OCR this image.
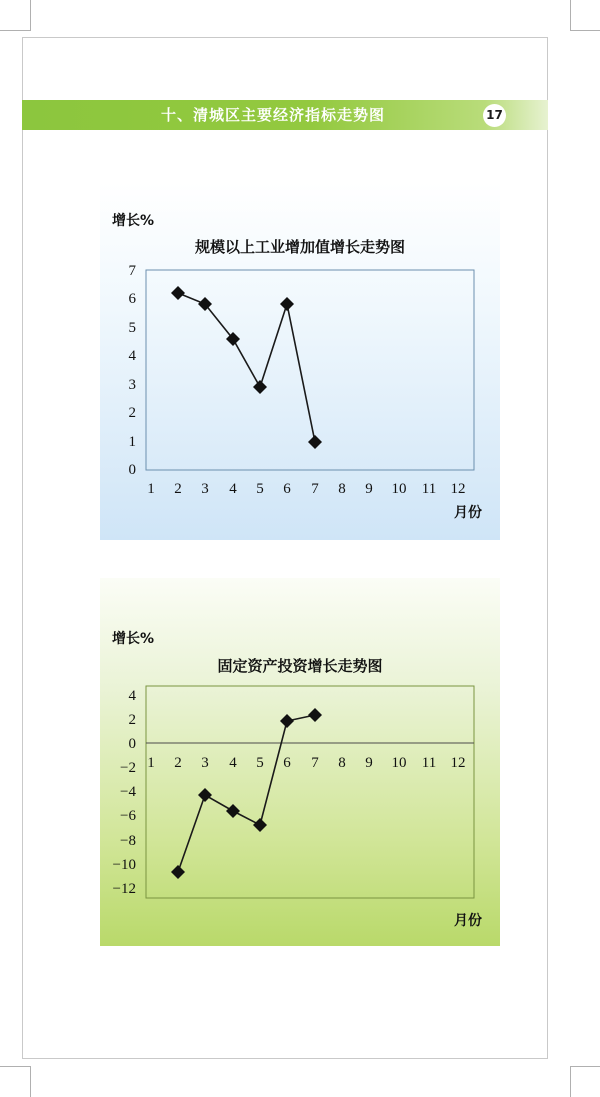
十、清城区主要经济指标走势图	17
增长%
规模以上工业增加值增长走势图
月份
7
6
5
4
3
2
1
0
1 2 3 4 5 6 7 8 9 10 11 12
增长%
固定资产投资增长走势图
月份
4
2
0
−2
−4
−6
−8
−10
−12
1 2 3 4 5 6 7 8 9 10 11 12
